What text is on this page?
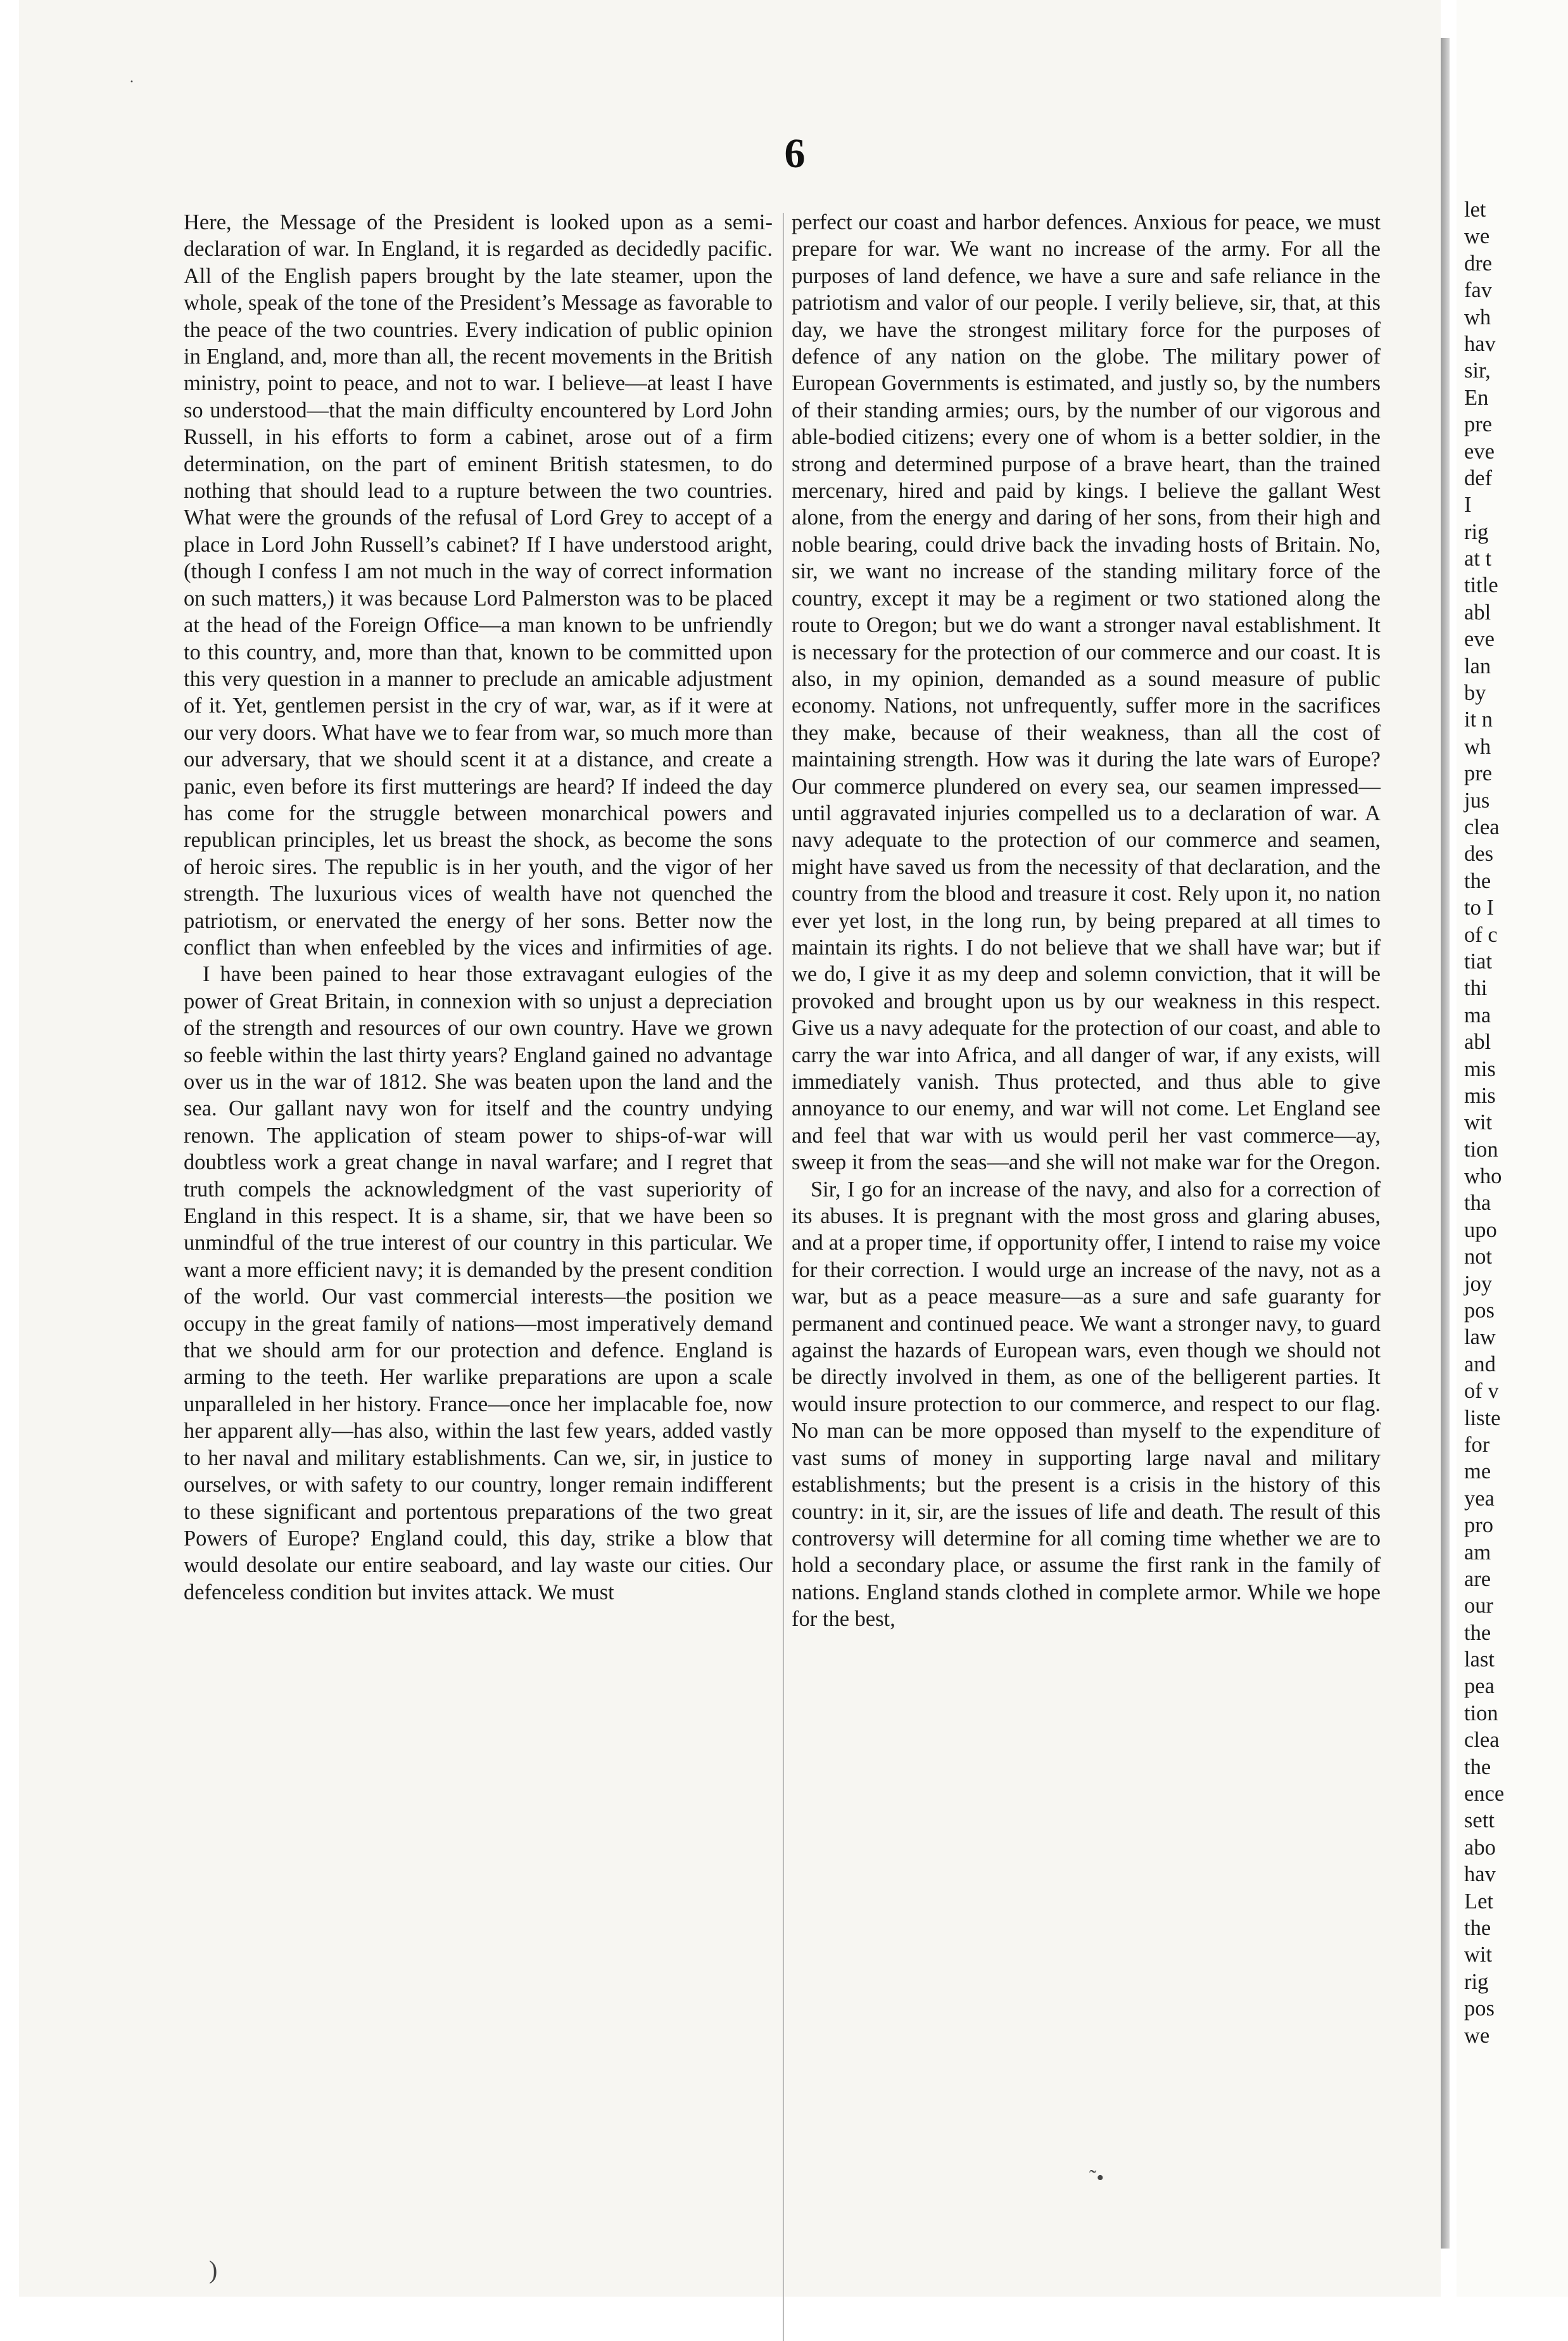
6

Here, the Message of the President is looked upon as a semi-declaration of war. In England, it is regarded as decidedly pacific. All of the English papers brought by the late steamer, upon the whole, speak of the tone of the President’s Message as favorable to the peace of the two countries. Every indication of public opinion in England, and, more than all, the recent movements in the British ministry, point to peace, and not to war. I believe—at least I have so understood—that the main difficulty encountered by Lord John Russell, in his efforts to form a cabinet, arose out of a firm determination, on the part of eminent British statesmen, to do nothing that should lead to a rupture between the two countries. What were the grounds of the refusal of Lord Grey to accept of a place in Lord John Russell’s cabinet? If I have understood aright, (though I confess I am not much in the way of correct information on such matters,) it was because Lord Palmerston was to be placed at the head of the Foreign Office—a man known to be unfriendly to this country, and, more than that, known to be committed upon this very question in a manner to preclude an amicable adjustment of it. Yet, gentlemen persist in the cry of war, war, as if it were at our very doors. What have we to fear from war, so much more than our adversary, that we should scent it at a distance, and create a panic, even before its first mutterings are heard? If indeed the day has come for the struggle between monarchical powers and republican principles, let us breast the shock, as become the sons of heroic sires. The republic is in her youth, and the vigor of her strength. The luxurious vices of wealth have not quenched the patriotism, or enervated the energy of her sons. Better now the conflict than when enfeebled by the vices and infirmities of age.

I have been pained to hear those extravagant eulogies of the power of Great Britain, in connexion with so unjust a depreciation of the strength and resources of our own country. Have we grown so feeble within the last thirty years? England gained no advantage over us in the war of 1812. She was beaten upon the land and the sea. Our gallant navy won for itself and the country undying renown. The application of steam power to ships-of-war will doubtless work a great change in naval warfare; and I regret that truth compels the acknowledgment of the vast superiority of England in this respect. It is a shame, sir, that we have been so unmindful of the true interest of our country in this particular. We want a more efficient navy; it is demanded by the present condition of the world. Our vast commercial interests—the position we occupy in the great family of nations—most imperatively demand that we should arm for our protection and defence. England is arming to the teeth. Her warlike preparations are upon a scale unparalleled in her history. France—once her implacable foe, now her apparent ally—has also, within the last few years, added vastly to her naval and military establishments. Can we, sir, in justice to ourselves, or with safety to our country, longer remain indifferent to these significant and portentous preparations of the two great Powers of Europe? England could, this day, strike a blow that would desolate our entire seaboard, and lay waste our cities. Our defenceless condition but invites attack. We must

perfect our coast and harbor defences. Anxious for peace, we must prepare for war. We want no increase of the army. For all the purposes of land defence, we have a sure and safe reliance in the patriotism and valor of our people. I verily believe, sir, that, at this day, we have the strongest military force for the purposes of defence of any nation on the globe. The military power of European Governments is estimated, and justly so, by the numbers of their standing armies; ours, by the number of our vigorous and able-bodied citizens; every one of whom is a better soldier, in the strong and determined purpose of a brave heart, than the trained mercenary, hired and paid by kings. I believe the gallant West alone, from the energy and daring of her sons, from their high and noble bearing, could drive back the invading hosts of Britain. No, sir, we want no increase of the standing military force of the country, except it may be a regiment or two stationed along the route to Oregon; but we do want a stronger naval establishment. It is necessary for the protection of our commerce and our coast. It is also, in my opinion, demanded as a sound measure of public economy. Nations, not unfrequently, suffer more in the sacrifices they make, because of their weakness, than all the cost of maintaining strength. How was it during the late wars of Europe? Our commerce plundered on every sea, our seamen impressed—until aggravated injuries compelled us to a declaration of war. A navy adequate to the protection of our commerce and seamen, might have saved us from the necessity of that declaration, and the country from the blood and treasure it cost. Rely upon it, no nation ever yet lost, in the long run, by being prepared at all times to maintain its rights. I do not believe that we shall have war; but if we do, I give it as my deep and solemn conviction, that it will be provoked and brought upon us by our weakness in this respect. Give us a navy adequate for the protection of our coast, and able to carry the war into Africa, and all danger of war, if any exists, will immediately vanish. Thus protected, and thus able to give annoyance to our enemy, and war will not come. Let England see and feel that war with us would peril her vast commerce—ay, sweep it from the seas—and she will not make war for the Oregon.

Sir, I go for an increase of the navy, and also for a correction of its abuses. It is pregnant with the most gross and glaring abuses, and at a proper time, if opportunity offer, I intend to raise my voice for their correction. I would urge an increase of the navy, not as a war, but as a peace measure—as a sure and safe guaranty for permanent and continued peace. We want a stronger navy, to guard against the hazards of European wars, even though we should not be directly involved in them, as one of the belligerent parties. It would insure protection to our commerce, and respect to our flag. No man can be more opposed than myself to the expenditure of vast sums of money in supporting large naval and military establishments; but the present is a crisis in the history of this country: in it, sir, are the issues of life and death. The result of this controversy will determine for all coming time whether we are to hold a secondary place, or assume the first rank in the family of nations. England stands clothed in complete armor. While we hope for the best,

let
we
dre
fav
wh
hav
sir,
En
pre
eve
def
I
rig
at t
title
abl
eve
lan
by
it n
wh
pre
jus
clea
des
the
to I
of c
tiat
thi
ma
abl
mis
mis
wit
tion
who
tha
upo
not
joy
pos
law
and
of v
liste
for
me
yea
pro
am
are
our
the
last
pea
tion
clea
the
ence
sett
abo
hav
Let
the
wit
rig
pos
we
.
)
˜•
